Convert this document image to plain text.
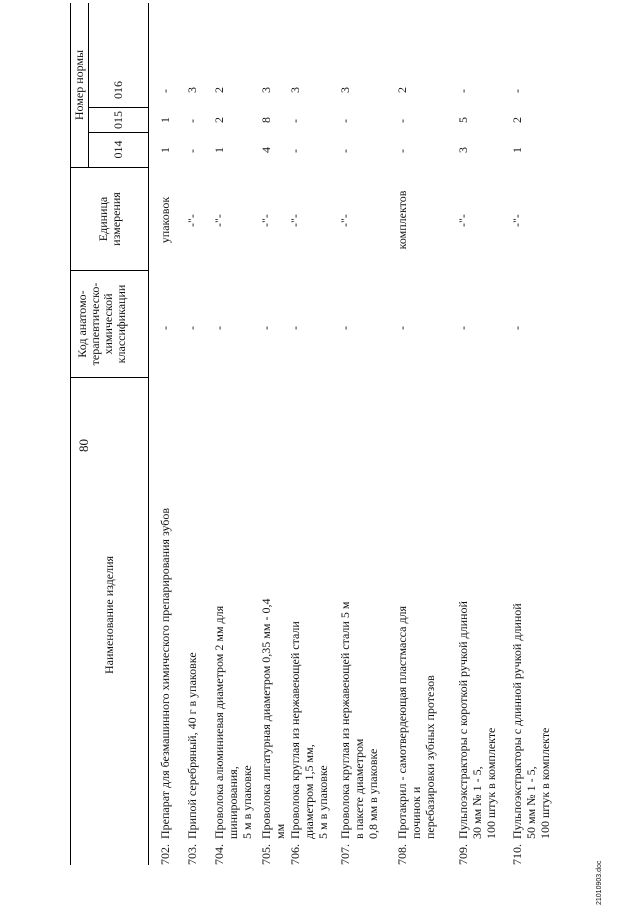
80
Наименование изделия
Код анатомо- терапевтическо- химической классификации
Единица измерения
Номер нормы
014
015
016
702.
Препарат для безмашинного химического препарирования зубов
-
упаковок
1
1
-
703.
Припой серебряный, 40 г в упаковке
-
-"-
-
-
3
704.
Проволока алюминиевая диаметром 2 мм для шинирования, 5 м в упаковке
-
-"-
1
2
2
705.
Проволока лигатурная диаметром 0,35 мм - 0,4 мм
-
-"-
4
8
3
706.
Проволока круглая из нержавеющей стали диаметром 1,5 мм, 5 м в упаковке
-
-"-
-
-
3
707.
Проволока круглая из нержавеющей стали 5 м в пакете диаметром 0,8 мм в упаковке
-
-"-
-
-
3
708.
Протакрил - самотвердеющая пластмасса для починок и перебазировки зубных протезов
-
комплектов
-
-
2
709.
Пульпоэкстракторы с короткой ручкой длиной 30 мм № 1 - 5, 100 штук в комплекте
-
-"-
3
5
-
710.
Пульпоэкстракторы с длинной ручкой длиной 50 мм № 1 - 5, 100 штук в комплекте
-
-"-
1
2
-
21010903.doc
